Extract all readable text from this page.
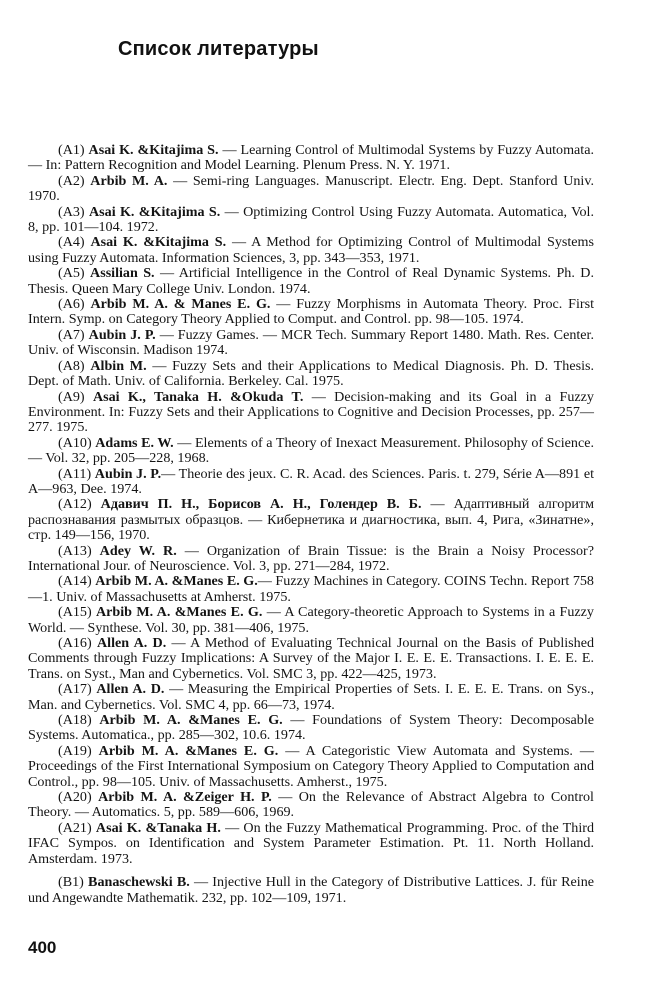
Список литературы

(A1) Asai K. &Kitajima S. — Learning Control of Multimodal Systems by Fuzzy Automata. — In: Pattern Recognition and Model Learning. Plenum Press. N. Y. 1971.

(A2) Arbib M. A. — Semi-ring Languages. Manuscript. Electr. Eng. Dept. Stanford Univ. 1970.

(A3) Asai K. &Kitajima S. — Optimizing Control Using Fuzzy Automata. Automatica, Vol. 8, pp. 101—104. 1972.

(A4) Asai K. &Kitajima S. — A Method for Optimizing Control of Multimodal Systems using Fuzzy Automata. Information Sciences, 3, pp. 343—353, 1971.

(A5) Assilian S. — Artificial Intelligence in the Control of Real Dynamic Systems. Ph. D. Thesis. Queen Mary College Univ. London. 1974.

(A6) Arbib M. A. & Manes E. G. — Fuzzy Morphisms in Automata Theory. Proc. First Intern. Symp. on Category Theory Applied to Comput. and Control. pp. 98—105. 1974.

(A7) Aubin J. P. — Fuzzy Games. — MCR Tech. Summary Report 1480. Math. Res. Center. Univ. of Wisconsin. Madison 1974.

(A8) Albin M. — Fuzzy Sets and their Applications to Medical Diagnosis. Ph. D. Thesis. Dept. of Math. Univ. of California. Berkeley. Cal. 1975.

(A9) Asai K., Tanaka H. &Okuda T. — Decision-making and its Goal in a Fuzzy Environment. In: Fuzzy Sets and their Applications to Cognitive and Decision Processes, pp. 257—277. 1975.

(A10) Adams E. W. — Elements of a Theory of Inexact Measurement. Philosophy of Science. — Vol. 32, pp. 205—228, 1968.

(A11) Aubin J. P.— Theorie des jeux. C. R. Acad. des Sciences. Paris. t. 279, Série A—891 et A—963, Dee. 1974.

(A12) Адавич П. Н., Борисов А. Н., Голендер В. Б. — Адаптивный алгоритм распознавания размытых образцов. — Кибернетика и диагностика, вып. 4, Рига, «Зинатне», стр. 149—156, 1970.

(A13) Adey W. R. — Organization of Brain Tissue: is the Brain a Noisy Processor? International Jour. of Neuroscience. Vol. 3, pp. 271—284, 1972.

(A14) Arbib M. A. &Manes E. G.— Fuzzy Machines in Category. COINS Techn. Report 758—1. Univ. of Massachusetts at Amherst. 1975.

(A15) Arbib M. A. &Manes E. G. — A Category-theoretic Approach to Systems in a Fuzzy World. — Synthese. Vol. 30, pp. 381—406, 1975.

(A16) Allen A. D. — A Method of Evaluating Technical Journal on the Basis of Published Comments through Fuzzy Implications: A Survey of the Major I. E. E. E. Transactions. I. E. E. E. Trans. on Syst., Man and Cybernetics. Vol. SMC 3, pp. 422—425, 1973.

(A17) Allen A. D. — Measuring the Empirical Properties of Sets. I. E. E. E. Trans. on Sys., Man. and Cybernetics. Vol. SMC 4, pp. 66—73, 1974.

(A18) Arbib M. A. &Manes E. G. — Foundations of System Theory: Decomposable Systems. Automatica., pp. 285—302, 10.6. 1974.

(A19) Arbib M. A. &Manes E. G. — A Categoristic View Automata and Systems. — Proceedings of the First International Symposium on Category Theory Applied to Computation and Control., pp. 98—105. Univ. of Massachusetts. Amherst., 1975.

(A20) Arbib M. A. &Zeiger H. P. — On the Relevance of Abstract Algebra to Control Theory. — Automatics. 5, pp. 589—606, 1969.

(A21) Asai K. &Tanaka H. — On the Fuzzy Mathematical Programming. Proc. of the Third IFAC Sympos. on Identification and System Parameter Estimation. Pt. 11. North Holland. Amsterdam. 1973.

(B1) Banaschewski B. — Injective Hull in the Category of Distributive Lattices. J. für Reine und Angewandte Mathematik. 232, pp. 102—109, 1971.

400
